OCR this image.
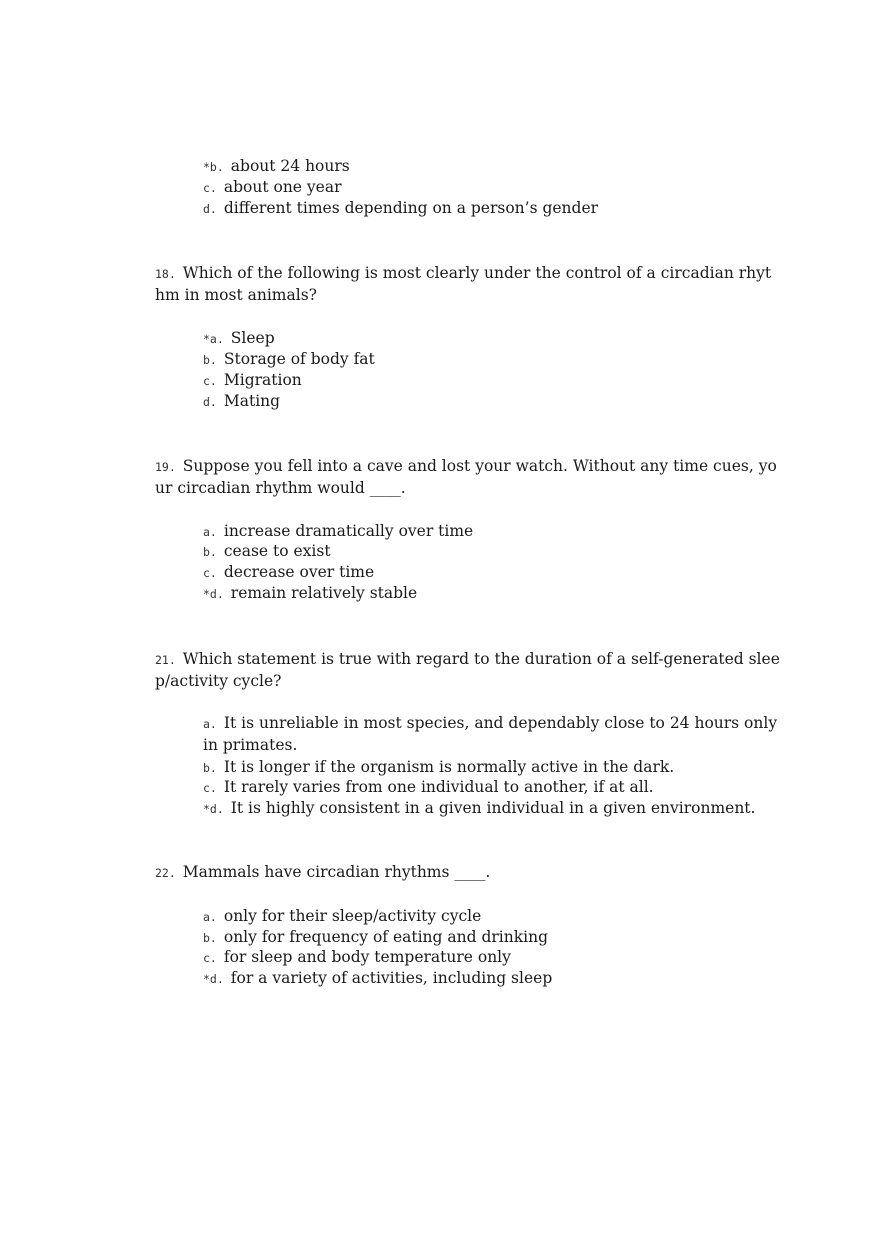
*b. about 24 hours
c. about one year
d. different times depending on a person’s gender
18. Which of the following is most clearly under the control of a circadian rhyt
hm in most animals?
*a. Sleep
b. Storage of body fat
c. Migration
d. Mating
19. Suppose you fell into a cave and lost your watch. Without any time cues, yo
ur circadian rhythm would ____.
a. increase dramatically over time
b. cease to exist
c. decrease over time
*d. remain relatively stable
21. Which statement is true with regard to the duration of a self-generated slee
p/activity cycle?
a. It is unreliable in most species, and dependably close to 24 hours only
in primates.
b. It is longer if the organism is normally active in the dark.
c. It rarely varies from one individual to another, if at all.
*d. It is highly consistent in a given individual in a given environment.
22. Mammals have circadian rhythms ____.
a. only for their sleep/activity cycle
b. only for frequency of eating and drinking
c. for sleep and body temperature only
*d. for a variety of activities, including sleep
